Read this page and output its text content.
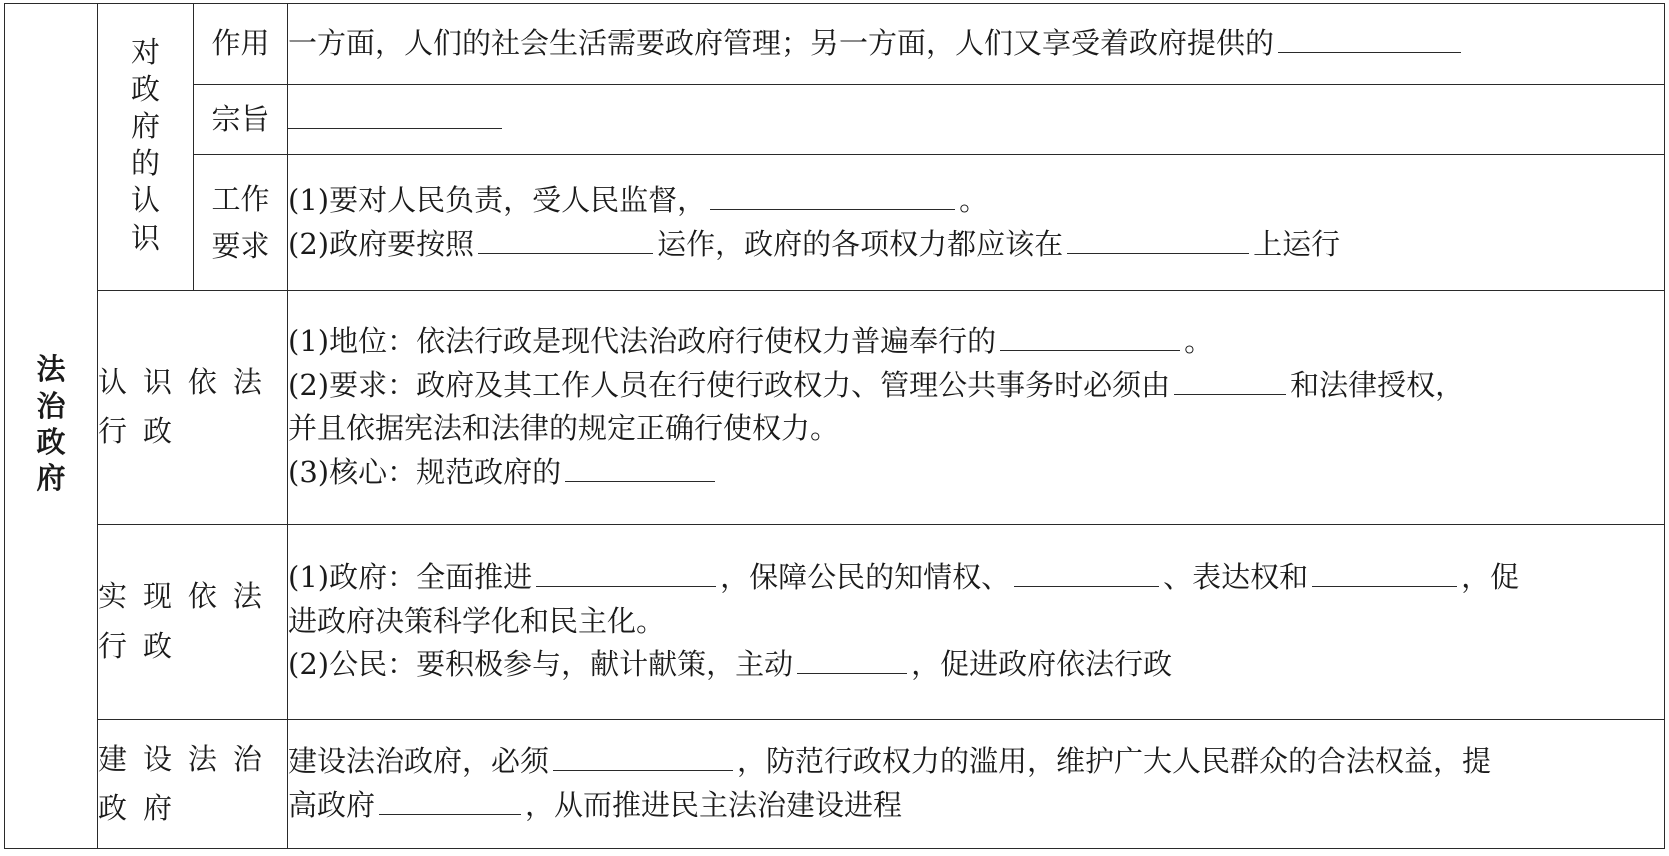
法治政府	对政府的认识	作用	一方面，人们的社会生活需要政府管理；另一方面，人们又享受着政府提供的

		宗旨	

		工作要求	(1)要对人民负责，受人民监督， 。
(2)政府要按照 运作，政府的各项权力都应该在 上运行

	认识依法行政		(1)地位：依法行政是现代法治政府行使权力普遍奉行的 。
(2)要求：政府及其工作人员在行使行政权力、管理公共事务时必须由 和法律授权，
并且依据宪法和法律的规定正确行使权力。
(3)核心：规范政府的

	实现依法行政		(1)政府：全面推进 ，保障公民的知情权、 、表达权和 ，促
进政府决策科学化和民主化。
(2)公民：要积极参与，献计献策，主动 ，促进政府依法行政

	建设法治政府		建设法治政府，必须 ，防范行政权力的滥用，维护广大人民群众的合法权益，提
高政府 ，从而推进民主法治建设进程
